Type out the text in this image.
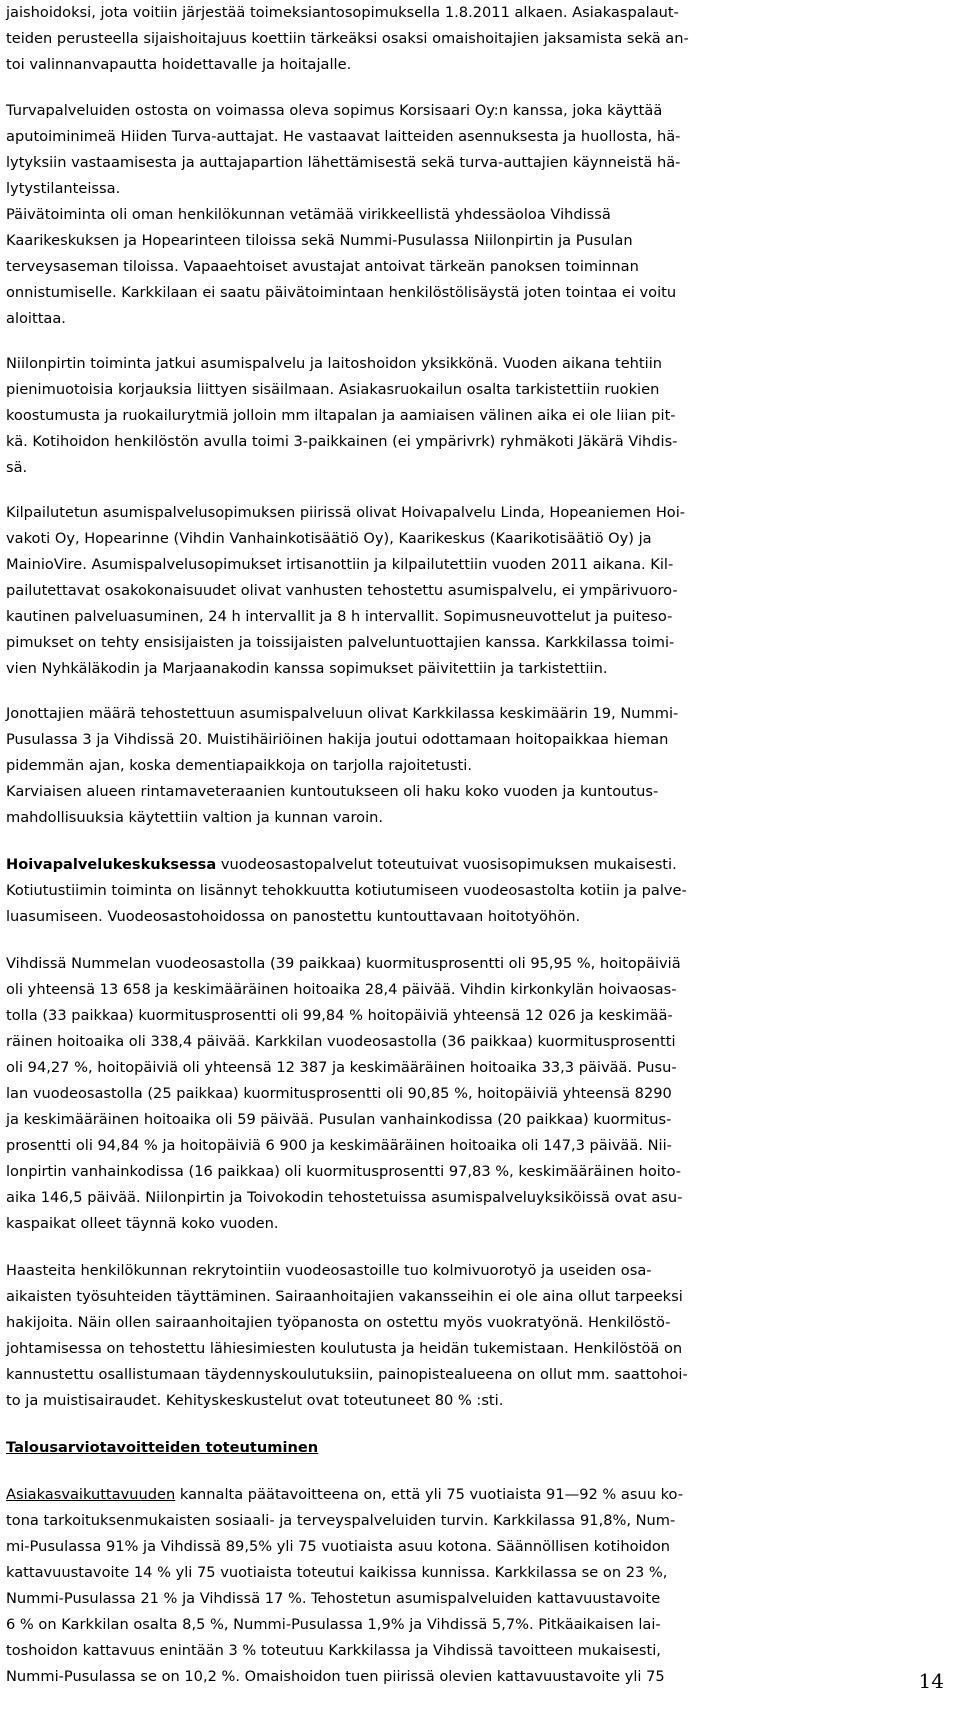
jaishoidoksi, jota voitiin järjestää toimeksiantosopimuksella 1.8.2011 alkaen. Asiakaspalaut-
teiden perusteella sijaishoitajuus koettiin tärkeäksi osaksi omaishoitajien jaksamista sekä an-
toi valinnanvapautta hoidettavalle ja hoitajalle.
Turvapalveluiden ostosta on voimassa oleva sopimus Korsisaari Oy:n kanssa, joka käyttää
aputoiminimeä Hiiden Turva-auttajat. He vastaavat laitteiden asennuksesta ja huollosta, hä-
lytyksiin vastaamisesta ja auttajapartion lähettämisestä sekä turva-auttajien käynneistä hä-
lytystilanteissa.
Päivätoiminta oli oman henkilökunnan vetämää virikkeellistä yhdessäoloa Vihdissä
Kaarikeskuksen ja Hopearinteen tiloissa sekä Nummi-Pusulassa Niilonpirtin ja Pusulan
terveysaseman tiloissa. Vapaaehtoiset avustajat antoivat tärkeän panoksen toiminnan
onnistumiselle. Karkkilaan ei saatu päivätoimintaan henkilöstölisäystä joten tointaa ei voitu
aloittaa.
Niilonpirtin toiminta jatkui asumispalvelu ja laitoshoidon yksikkönä. Vuoden aikana tehtiin
pienimuotoisia korjauksia liittyen sisäilmaan. Asiakasruokailun osalta tarkistettiin ruokien
koostumusta ja ruokailurytmiä jolloin mm iltapalan ja aamiaisen välinen aika ei ole liian pit-
kä. Kotihoidon henkilöstön avulla toimi 3-paikkainen (ei ympärivrk) ryhmäkoti Jäkärä Vihdis-
sä.
Kilpailutetun asumispalvelusopimuksen piirissä olivat Hoivapalvelu Linda, Hopeaniemen Hoi-
vakoti Oy, Hopearinne (Vihdin Vanhainkotisäätiö Oy), Kaarikeskus (Kaarikotisäätiö Oy) ja
MainioVire. Asumispalvelusopimukset irtisanottiin ja kilpailutettiin vuoden 2011 aikana. Kil-
pailutettavat osakokonaisuudet olivat vanhusten tehostettu asumispalvelu, ei ympärivuoro-
kautinen palveluasuminen, 24 h intervallit ja 8 h intervallit. Sopimusneuvottelut ja puiteso-
pimukset on tehty ensisijaisten ja toissijaisten palveluntuottajien kanssa. Karkkilassa toimi-
vien Nyhkäläkodin ja Marjaanakodin kanssa sopimukset päivitettiin ja tarkistettiin.
Jonottajien määrä tehostettuun asumispalveluun olivat Karkkilassa keskimäärin 19, Nummi-
Pusulassa 3 ja Vihdissä 20. Muistihäiriöinen hakija joutui odottamaan hoitopaikkaa hieman
pidemmän ajan, koska dementiapaikkoja on tarjolla rajoitetusti.
Karviaisen alueen rintamaveteraanien kuntoutukseen oli haku koko vuoden ja kuntoutus-
mahdollisuuksia käytettiin valtion ja kunnan varoin.
Hoivapalvelukeskuksessa vuodeosastopalvelut toteutuivat vuosisopimuksen mukaisesti.
Kotiutustiimin toiminta on lisännyt tehokkuutta kotiutumiseen vuodeosastolta kotiin ja palve-
luasumiseen. Vuodeosastohoidossa on panostettu kuntouttavaan hoitotyöhön.
Vihdissä Nummelan vuodeosastolla (39 paikkaa) kuormitusprosentti oli 95,95 %, hoitopäiviä
oli yhteensä 13 658 ja keskimääräinen hoitoaika 28,4 päivää. Vihdin kirkonkylän hoivaosas-
tolla (33 paikkaa) kuormitusprosentti oli 99,84 % hoitopäiviä yhteensä 12 026 ja keskimää-
räinen hoitoaika oli 338,4 päivää. Karkkilan vuodeosastolla (36 paikkaa) kuormitusprosentti
oli 94,27 %, hoitopäiviä oli yhteensä 12 387 ja keskimääräinen hoitoaika 33,3 päivää. Pusu-
lan vuodeosastolla (25 paikkaa) kuormitusprosentti oli 90,85 %, hoitopäiviä yhteensä 8290
ja keskimääräinen hoitoaika oli 59 päivää. Pusulan vanhainkodissa (20 paikkaa) kuormitus-
prosentti oli 94,84 % ja hoitopäiviä 6 900 ja keskimääräinen hoitoaika oli 147,3 päivää. Nii-
lonpirtin vanhainkodissa (16 paikkaa) oli kuormitusprosentti 97,83 %, keskimääräinen hoito-
aika 146,5 päivää. Niilonpirtin ja Toivokodin tehostetuissa asumispalveluyksiköissä ovat asu-
kaspaikat olleet täynnä koko vuoden.
Haasteita henkilökunnan rekrytointiin vuodeosastoille tuo kolmivuorotyö ja useiden osa-
aikaisten työsuhteiden täyttäminen. Sairaanhoitajien vakansseihin ei ole aina ollut tarpeeksi
hakijoita. Näin ollen sairaanhoitajien työpanosta on ostettu myös vuokratyönä. Henkilöstö-
johtamisessa on tehostettu lähiesimiesten koulutusta ja heidän tukemistaan. Henkilöstöä on
kannustettu osallistumaan täydennyskoulutuksiin, painopistealueena on ollut mm. saattohoi-
to ja muistisairaudet. Kehityskeskustelut ovat toteutuneet 80 % :sti.
Talousarviotavoitteiden toteutuminen
Asiakasvaikuttavuuden kannalta päätavoitteena on, että yli 75 vuotiaista 91—92 % asuu ko-
tona tarkoituksenmukaisten sosiaali- ja terveyspalveluiden turvin. Karkkilassa 91,8%, Num-
mi-Pusulassa 91% ja Vihdissä 89,5% yli 75 vuotiaista asuu kotona. Säännöllisen kotihoidon
kattavuustavoite 14 % yli 75 vuotiaista toteutui kaikissa kunnissa. Karkkilassa se on 23 %,
Nummi-Pusulassa 21 % ja Vihdissä 17 %. Tehostetun asumispalveluiden kattavuustavoite
6 % on Karkkilan osalta 8,5 %, Nummi-Pusulassa 1,9% ja Vihdissä 5,7%. Pitkäaikaisen lai-
toshoidon kattavuus enintään 3 % toteutuu Karkkilassa ja Vihdissä tavoitteen mukaisesti,
Nummi-Pusulassa se on 10,2 %. Omaishoidon tuen piirissä olevien kattavuustavoite yli 75	14
